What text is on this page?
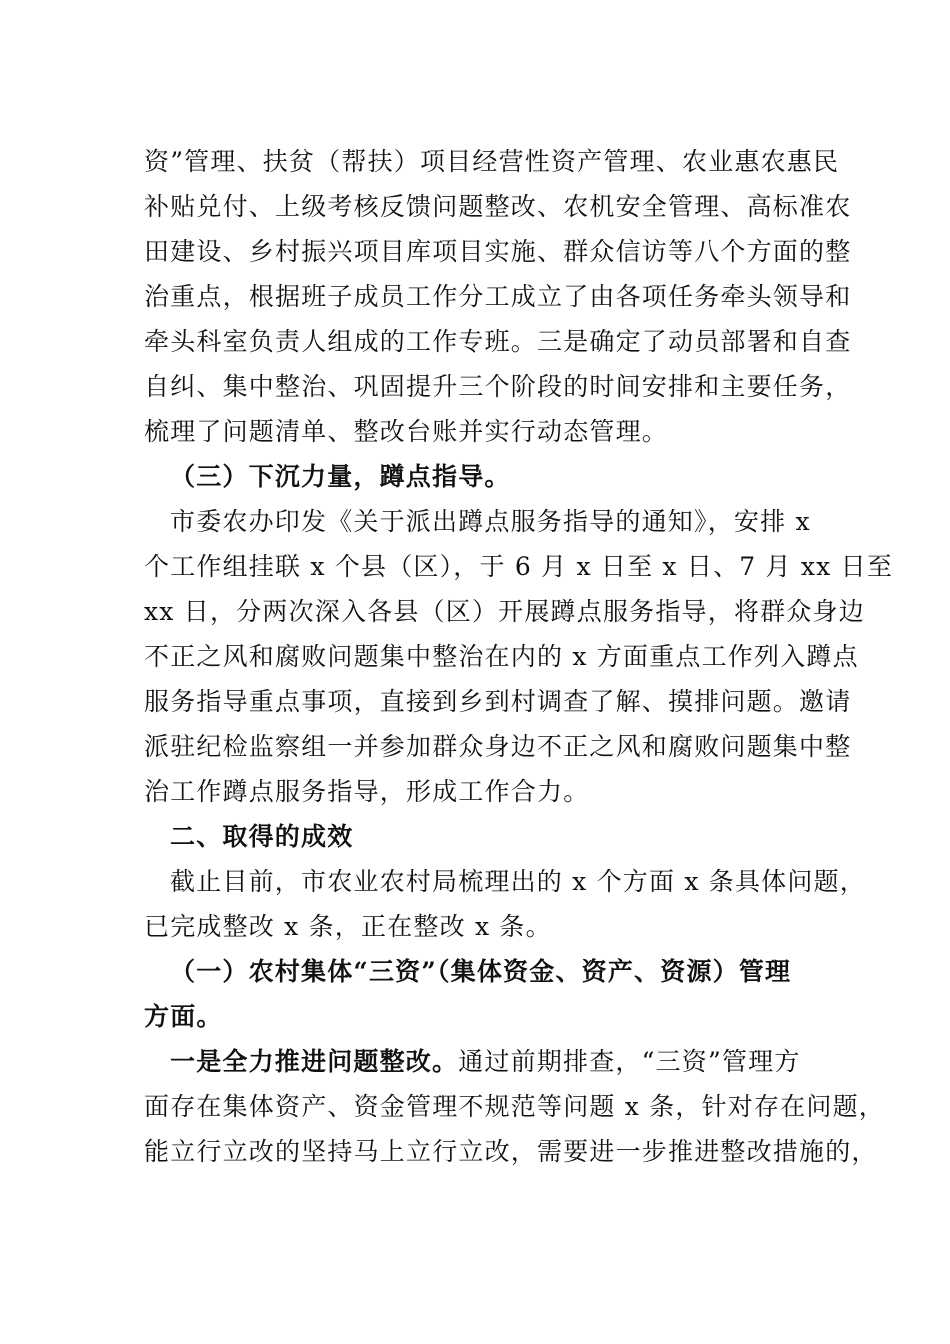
资”管理、扶贫（帮扶）项目经营性资产管理、农业惠农惠民
补贴兑付、上级考核反馈问题整改、农机安全管理、高标准农
田建设、乡村振兴项目库项目实施、群众信访等八个方面的整
治重点，根据班子成员工作分工成立了由各项任务牵头领导和
牵头科室负责人组成的工作专班。三是确定了动员部署和自查
自纠、集中整治、巩固提升三个阶段的时间安排和主要任务，
梳理了问题清单、整改台账并实行动态管理。
（三）下沉力量，蹲点指导。
市委农办印发《关于派出蹲点服务指导的通知》，安排 x
个工作组挂联 x 个县（区），于 6 月 x 日至 x 日、7 月 xx 日至
xx 日，分两次深入各县（区）开展蹲点服务指导，将群众身边
不正之风和腐败问题集中整治在内的 x 方面重点工作列入蹲点
服务指导重点事项，直接到乡到村调查了解、摸排问题。邀请
派驻纪检监察组一并参加群众身边不正之风和腐败问题集中整
治工作蹲点服务指导，形成工作合力。
二、取得的成效
截止目前，市农业农村局梳理出的 x 个方面 x 条具体问题，
已完成整改 x 条，正在整改 x 条。
（一）农村集体“三资”（集体资金、资产、资源）管理
方面。
一是全力推进问题整改。通过前期排查，“三资”管理方
面存在集体资产、资金管理不规范等问题 x 条，针对存在问题，
能立行立改的坚持马上立行立改，需要进一步推进整改措施的，
